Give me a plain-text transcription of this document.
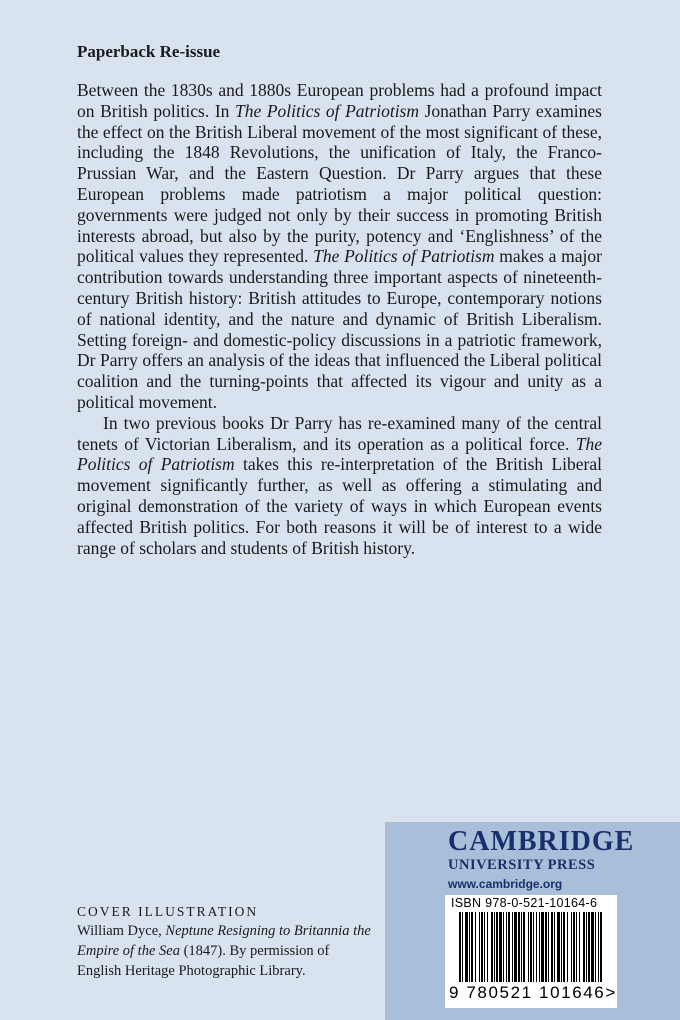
Paperback Re-issue

Between the 1830s and 1880s European problems had a profound impact on British politics. In The Politics of Patriotism Jonathan Parry examines the effect on the British Liberal movement of the most significant of these, including the 1848 Revolutions, the unification of Italy, the Franco-Prussian War, and the Eastern Question. Dr Parry argues that these European problems made patriotism a major political question: governments were judged not only by their success in promoting British interests abroad, but also by the purity, potency and ‘Englishness’ of the political values they represented. The Politics of Patriotism makes a major contribution towards understanding three important aspects of nineteenth-century British history: British attitudes to Europe, contemporary notions of national identity, and the nature and dynamic of British Liberalism. Setting foreign- and domestic-policy discussions in a patriotic framework, Dr Parry offers an analysis of the ideas that influenced the Liberal political coalition and the turning-points that affected its vigour and unity as a political movement.

In two previous books Dr Parry has re-examined many of the central tenets of Victorian Liberalism, and its operation as a political force. The Politics of Patriotism takes this re-interpretation of the British Liberal movement significantly further, as well as offering a stimulating and original demonstration of the variety of ways in which European events affected British politics. For both reasons it will be of interest to a wide range of scholars and students of British history.

COVER ILLUSTRATION
William Dyce, Neptune Resigning to Britannia the Empire of the Sea (1847). By permission of English Heritage Photographic Library.
CAMBRIDGE
UNIVERSITY PRESS
www.cambridge.org
ISBN 978-0-521-10164-6
9 780521 101646>
